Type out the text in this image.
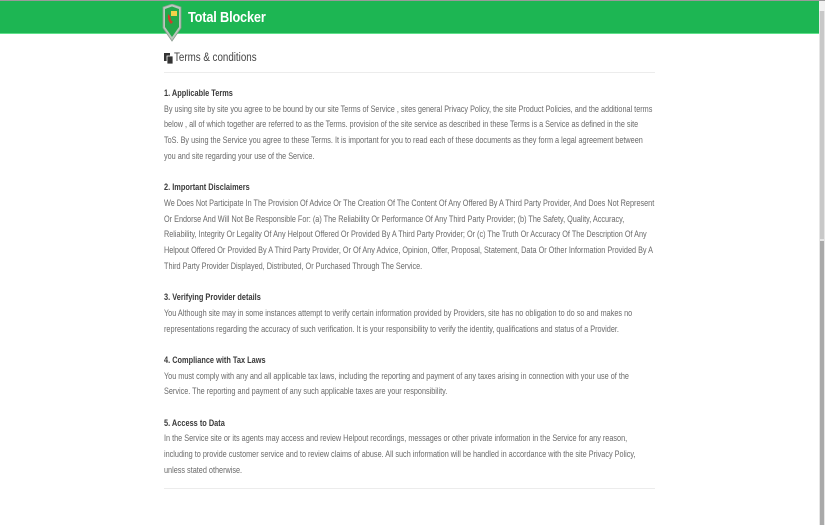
Total Blocker
Terms & conditions
1. Applicable Terms

By using site by site you agree to be bound by our site Terms of Service , sites general Privacy Policy, the site Product Policies, and the additional terms below , all of which together are referred to as the Terms. provision of the site service as described in these Terms is a Service as defined in the site ToS. By using the Service you agree to these Terms. It is important for you to read each of these documents as they form a legal agreement between you and site regarding your use of the Service.

2. Important Disclaimers

We Does Not Participate In The Provision Of Advice Or The Creation Of The Content Of Any Offered By A Third Party Provider, And Does Not Represent Or Endorse And Will Not Be Responsible For: (a) The Reliability Or Performance Of Any Third Party Provider; (b) The Safety, Quality, Accuracy, Reliability, Integrity Or Legality Of Any Helpout Offered Or Provided By A Third Party Provider; Or (c) The Truth Or Accuracy Of The Description Of Any Helpout Offered Or Provided By A Third Party Provider, Or Of Any Advice, Opinion, Offer, Proposal, Statement, Data Or Other Information Provided By A Third Party Provider Displayed, Distributed, Or Purchased Through The Service.

3. Verifying Provider details

You Although site may in some instances attempt to verify certain information provided by Providers, site has no obligation to do so and makes no representations regarding the accuracy of such verification. It is your responsibility to verify the identity, qualifications and status of a Provider.

4. Compliance with Tax Laws

You must comply with any and all applicable tax laws, including the reporting and payment of any taxes arising in connection with your use of the Service. The reporting and payment of any such applicable taxes are your responsibility.

5. Access to Data

In the Service site or its agents may access and review Helpout recordings, messages or other private information in the Service for any reason, including to provide customer service and to review claims of abuse. All such information will be handled in accordance with the site Privacy Policy, unless stated otherwise.
